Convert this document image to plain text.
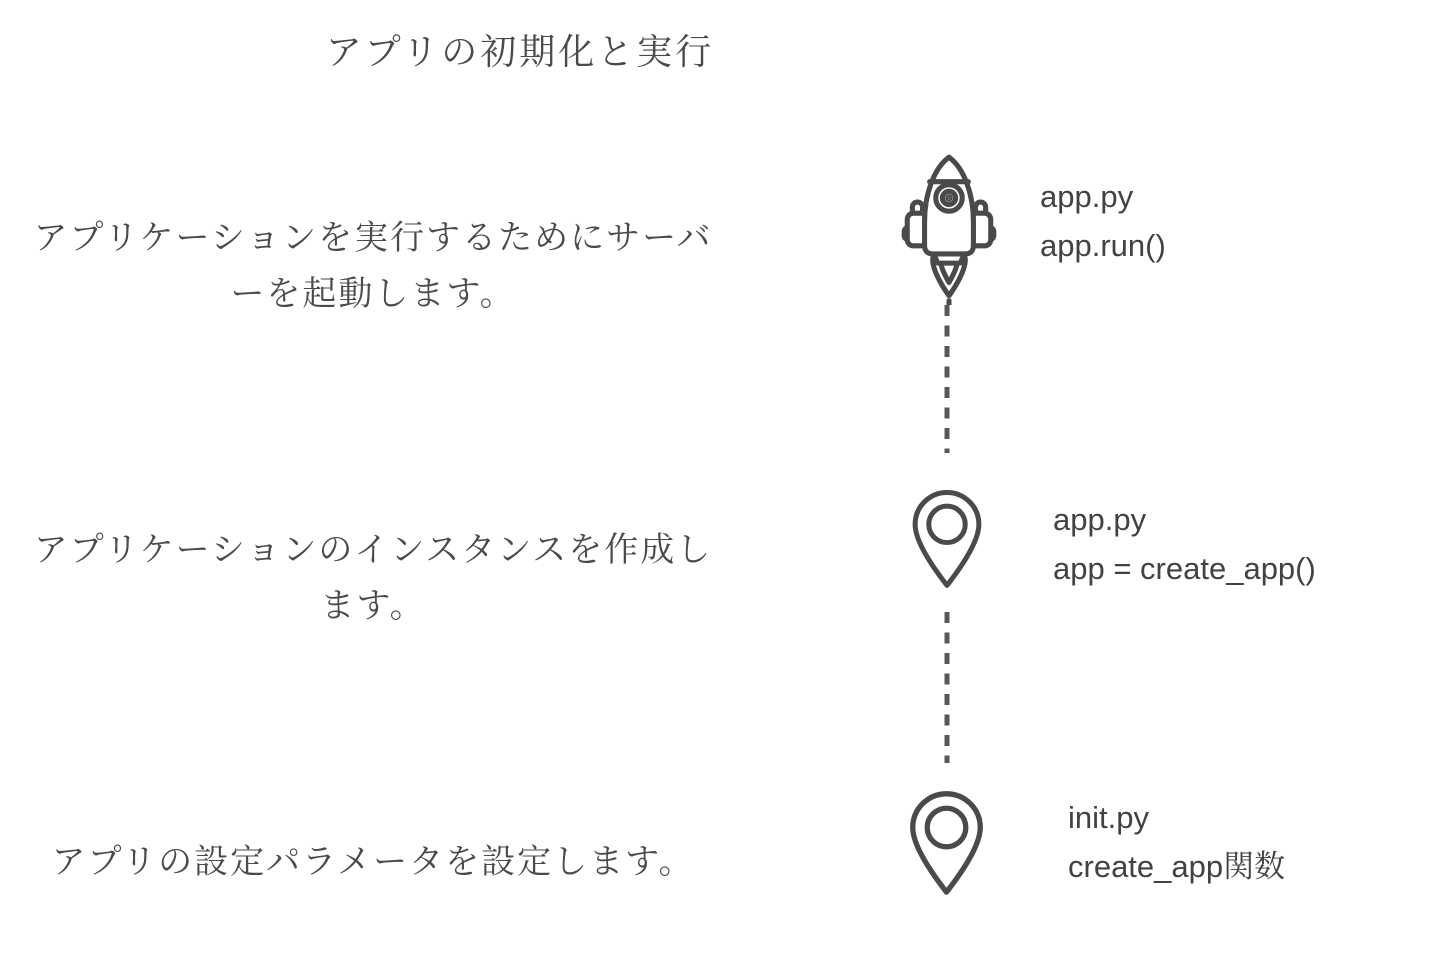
アプリの初期化と実行
アプリケーションを実行するためにサーバーを起動します。
app.py
app.run()
アプリケーションのインスタンスを作成します。
app.py
app = create_app()
アプリの設定パラメータを設定します。
init.py
create_app関数
